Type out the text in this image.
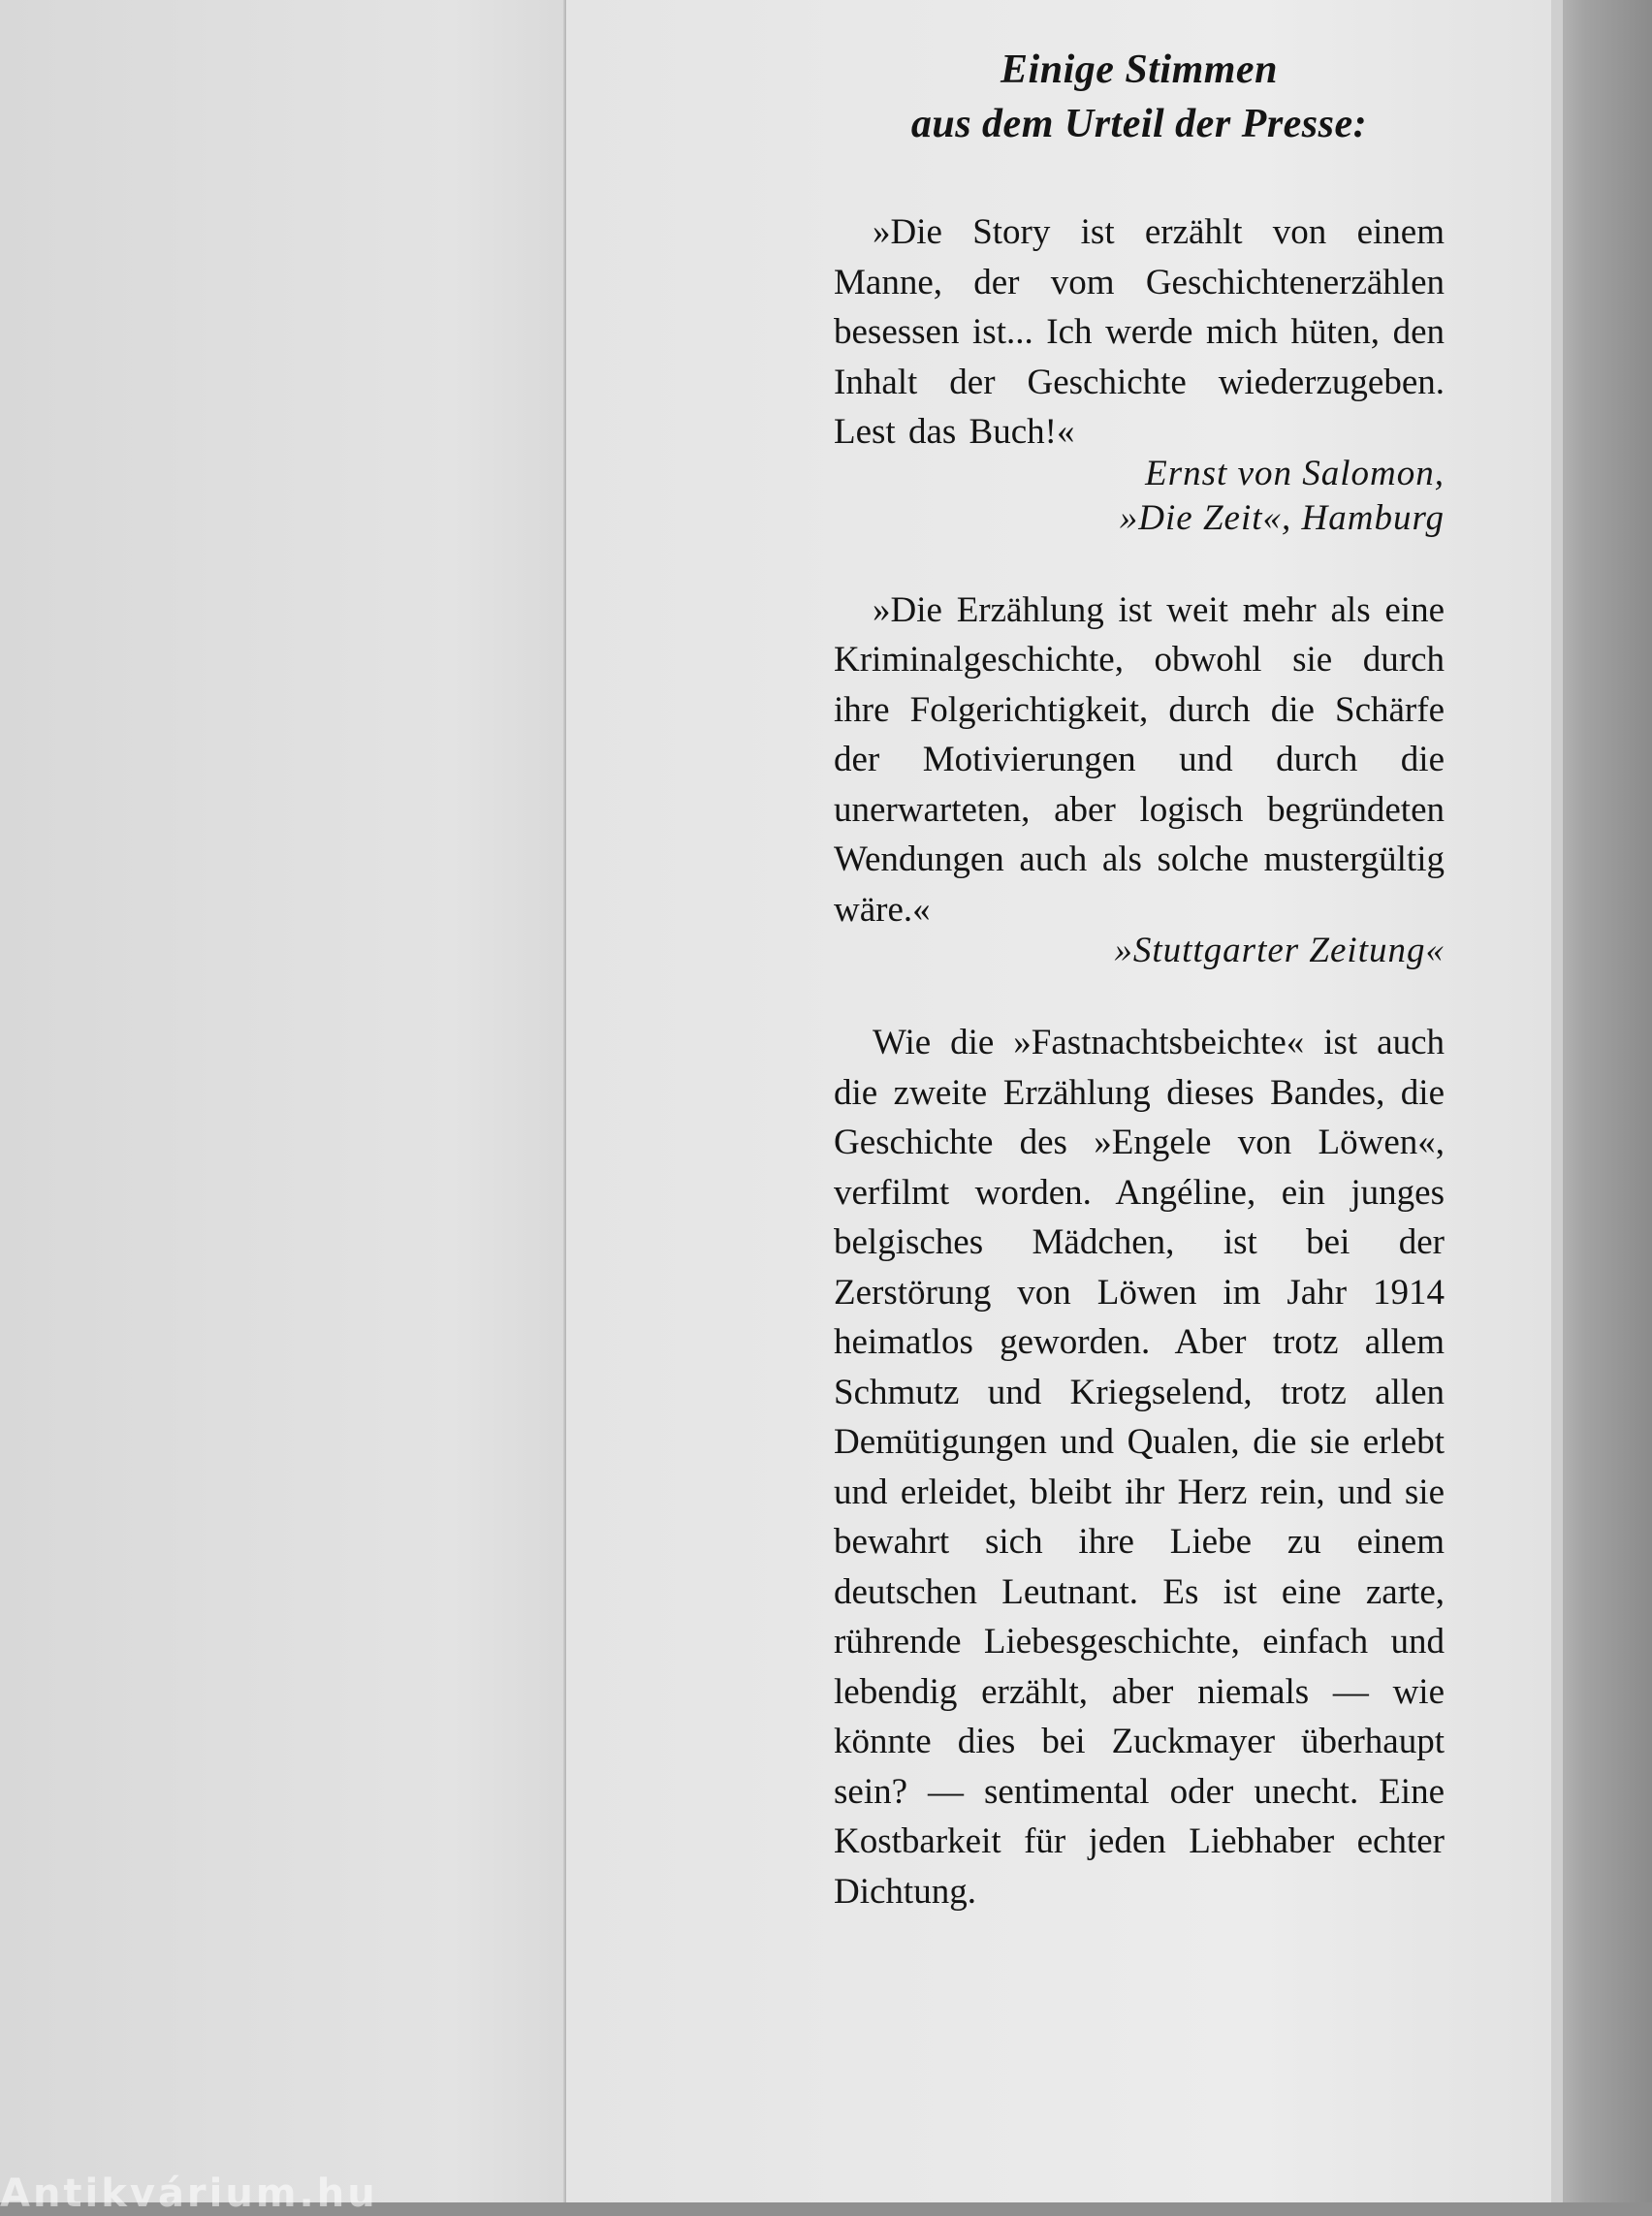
Antikvárium.hu
Einige Stimmen
aus dem Urteil der Presse:

»Die Story ist erzählt von einem Manne, der vom Geschichtenerzählen besessen ist... Ich werde mich hüten, den Inhalt der Geschichte wiederzugeben. Lest das Buch!«

Ernst von Salomon,
»Die Zeit«, Hamburg

»Die Erzählung ist weit mehr als eine Kriminalgeschichte, obwohl sie durch ihre Folgerichtigkeit, durch die Schärfe der Motivierungen und durch die unerwarteten, aber logisch begründeten Wendungen auch als solche mustergültig wäre.«

»Stuttgarter Zeitung«

Wie die »Fastnachtsbeichte« ist auch die zweite Erzählung dieses Bandes, die Geschichte des »Engele von Löwen«, verfilmt worden. Angéline, ein junges belgisches Mädchen, ist bei der Zerstörung von Löwen im Jahr 1914 heimatlos geworden. Aber trotz allem Schmutz und Kriegselend, trotz allen Demütigungen und Qualen, die sie erlebt und erleidet, bleibt ihr Herz rein, und sie bewahrt sich ihre Liebe zu einem deutschen Leutnant. Es ist eine zarte, rührende Liebesgeschichte, einfach und lebendig erzählt, aber niemals — wie könnte dies bei Zuckmayer überhaupt sein? — sentimental oder unecht. Eine Kostbarkeit für jeden Liebhaber echter Dichtung.
